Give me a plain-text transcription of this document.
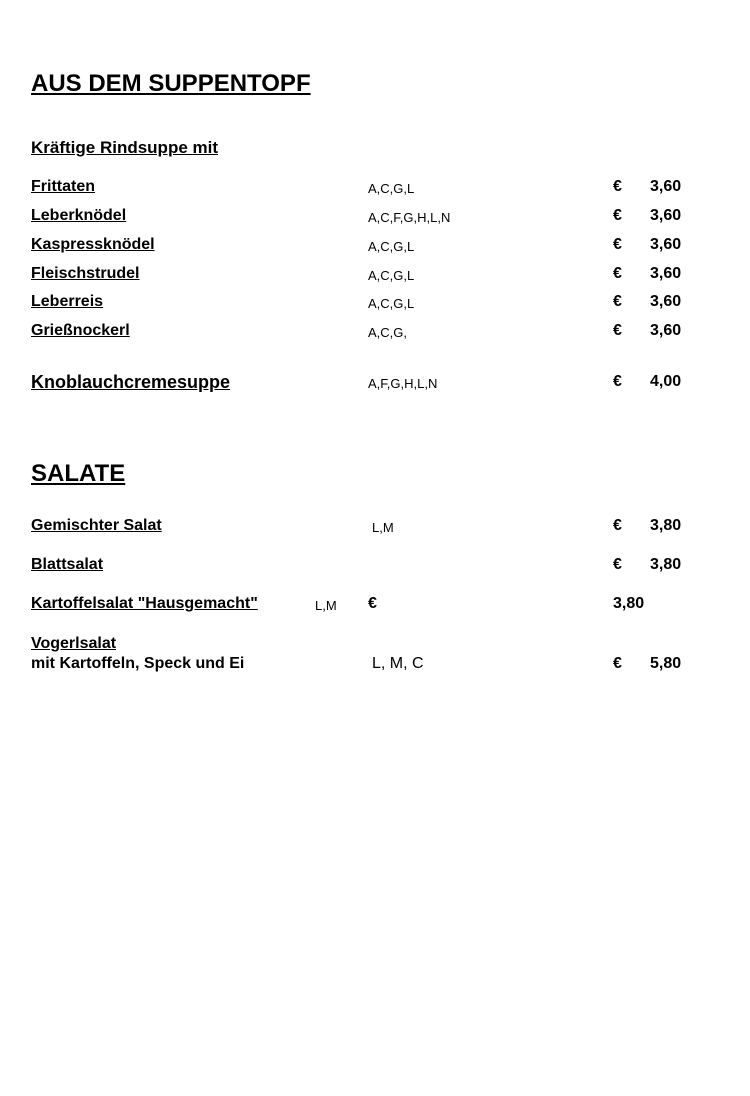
AUS DEM SUPPENTOPF
Kräftige Rindsuppe mit
Frittaten	A,C,G,L	€ 3,60
Leberknödel	A,C,F,G,H,L,N	€ 3,60
Kaspressknödel	A,C,G,L	€ 3,60
Fleischstrudel	A,C,G,L	€ 3,60
Leberreis	A,C,G,L	€ 3,60
Grießnockerl	A,C,G,	€ 3,60
Knoblauchcremesuppe	A,F,G,H,L,N	€ 4,00
SALATE
Gemischter Salat	L,M	€ 3,80
Blattsalat	€ 3,80
Kartoffelsalat "Hausgemacht"	L,M €	3,80
Vogerlsalat
mit Kartoffeln, Speck und Ei	L, M, C	€ 5,80
